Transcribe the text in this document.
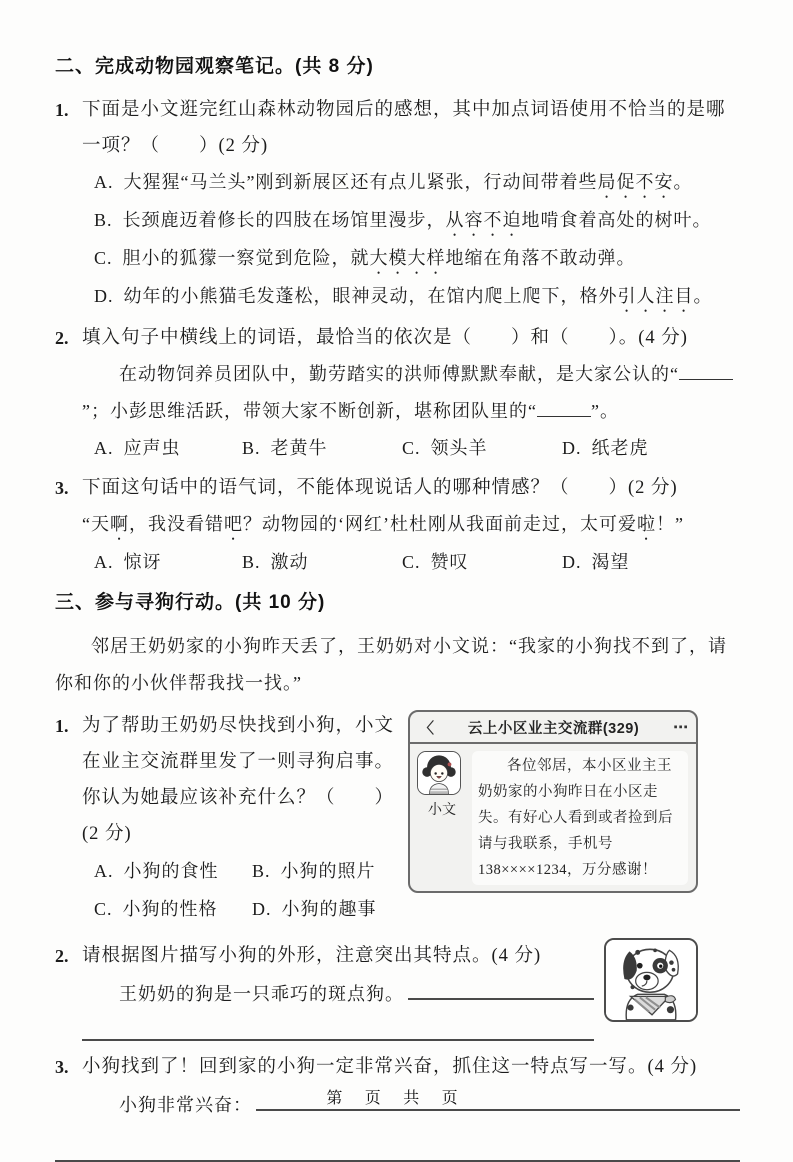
二、完成动物园观察笔记。(共 8 分)
1. 下面是小文逛完红山森林动物园后的感想，其中加点词语使用不恰当的是哪一项？（　　）(2 分)

A. 大猩猩“马兰头”刚到新展区还有点儿紧张，行动间带着些局促不安。
B. 长颈鹿迈着修长的四肢在场馆里漫步，从容不迫地啃食着高处的树叶。
C. 胆小的狐獴一察觉到危险，就大模大样地缩在角落不敢动弹。
D. 幼年的小熊猫毛发蓬松，眼神灵动，在馆内爬上爬下，格外引人注目。
2. 填入句子中横线上的词语，最恰当的依次是（　　）和（　　）。(4 分)

在动物饲养员团队中，勤劳踏实的洪师傅默默奉献，是大家公认的“”；小彭思维活跃，带领大家不断创新，堪称团队里的“	”。

A. 应声虫	B. 老黄牛	C. 领头羊	D. 纸老虎
3. 下面这句话中的语气词，不能体现说话人的哪种情感？（　　）(2 分)

“天啊，我没看错吧？动物园的‘网红’杜杜刚从我面前走过，太可爱啦！”

A. 惊讶	B. 激动	C. 赞叹	D. 渴望
三、参与寻狗行动。(共 10 分)

邻居王奶奶家的小狗昨天丢了，王奶奶对小文说：“我家的小狗找不到了，请你和你的小伙伴帮我找一找。”

1.	〈	云上小区业主交流群(329)	⋯
小文
各位邻居，本小区业主王奶奶家的小狗昨日在小区走失。有好心人看到或者捡到后请与我联系，手机号138××××1234，万分感谢！

为了帮助王奶奶尽快找到小狗，小文在业主交流群里发了一则寻狗启事。你认为她最应该补充什么？（　　）(2 分)

A. 小狗的食性 B. 小狗的照片
C. 小狗的性格 D. 小狗的趣事
2. 请根据图片描写小狗的外形，注意突出其特点。(4 分)

王奶奶的狗是一只乖巧的斑点狗。
3. 小狗找到了！回到家的小狗一定非常兴奋，抓住这一特点写一写。(4 分)

小狗非常兴奋：	第 页 共 页
